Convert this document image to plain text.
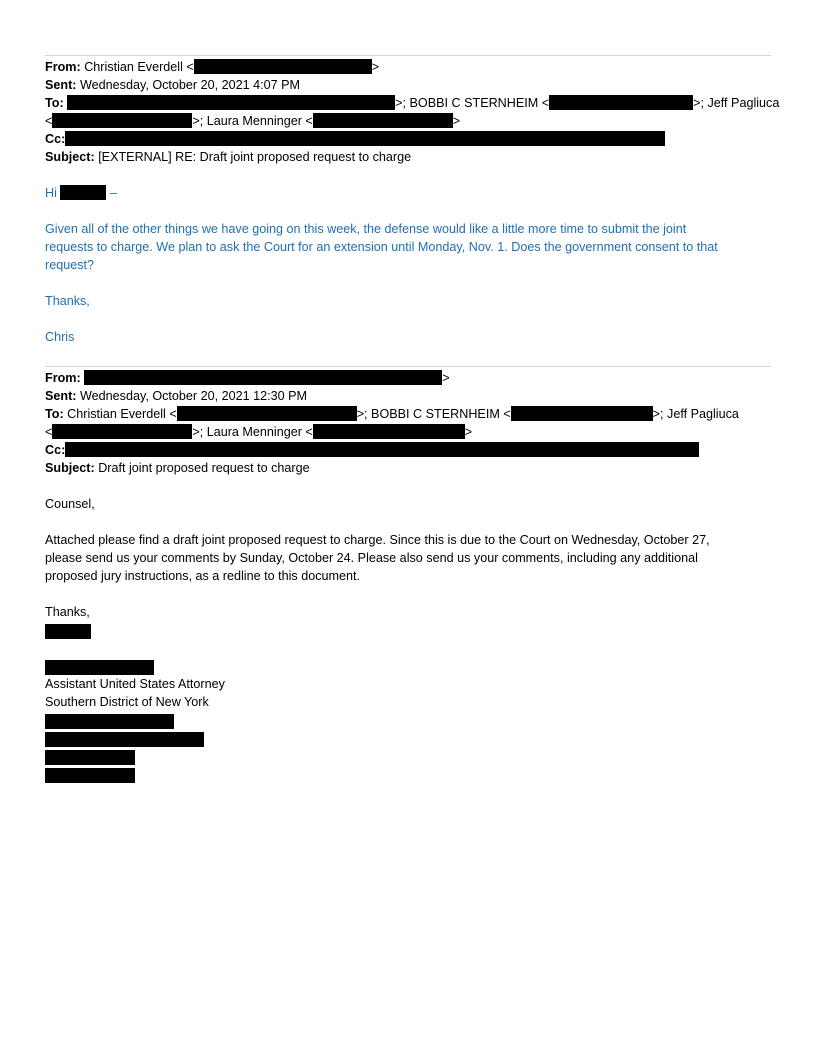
From: Christian Everdell <	>
Sent: Wednesday, October 20, 2021 4:07 PM
To:	>; BOBBI C STERNHEIM <	>; Jeff Pagliuca
<	>; Laura Menninger <	>
Cc:
Subject: [EXTERNAL] RE: Draft joint proposed request to charge
Hi	–
Given all of the other things we have going on this week, the defense would like a little more time to submit the joint
requests to charge. We plan to ask the Court for an extension until Monday, Nov. 1. Does the government consent to that
request?
Thanks,
Chris
From:	>
Sent: Wednesday, October 20, 2021 12:30 PM
To: Christian Everdell <	>; BOBBI C STERNHEIM <	>; Jeff Pagliuca
<	>; Laura Menninger <	>
Cc:
Subject: Draft joint proposed request to charge
Counsel,
Attached please find a draft joint proposed request to charge. Since this is due to the Court on Wednesday, October 27,
please send us your comments by Sunday, October 24. Please also send us your comments, including any additional
proposed jury instructions, as a redline to this document.
Thanks,
Assistant United States Attorney
Southern District of New York
